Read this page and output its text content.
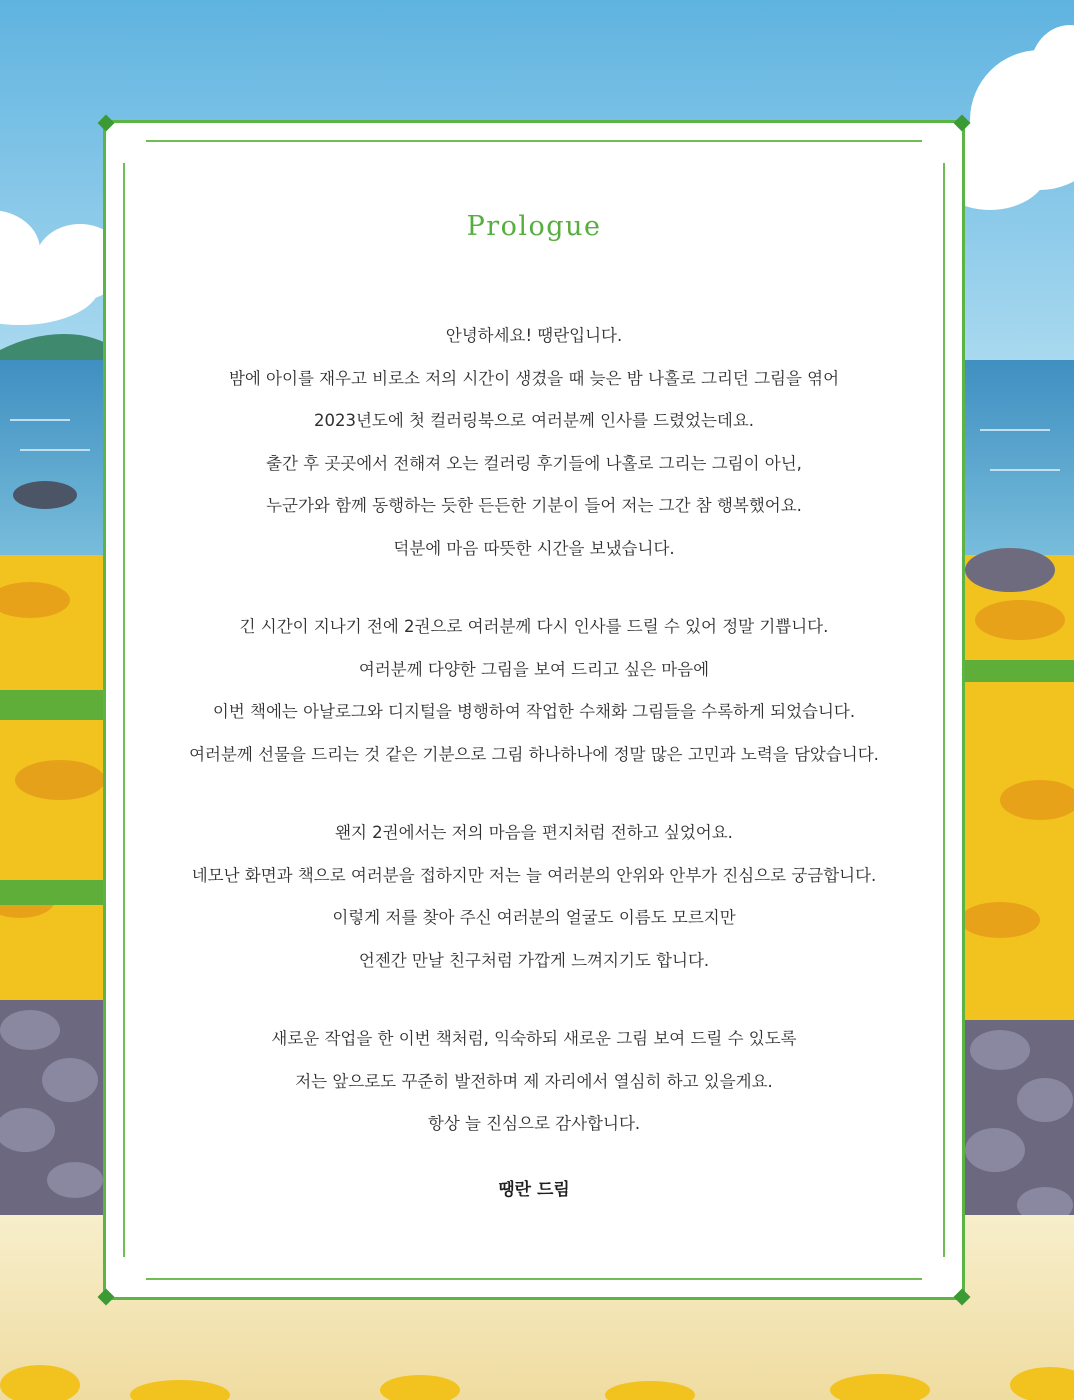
Prologue
안녕하세요! 땡란입니다.
밤에 아이를 재우고 비로소 저의 시간이 생겼을 때 늦은 밤 나홀로 그리던 그림을 엮어
2023년도에 첫 컬러링북으로 여러분께 인사를 드렸었는데요.
출간 후 곳곳에서 전해져 오는 컬러링 후기들에 나홀로 그리는 그림이 아닌,
누군가와 함께 동행하는 듯한 든든한 기분이 들어 저는 그간 참 행복했어요.
덕분에 마음 따뜻한 시간을 보냈습니다.
긴 시간이 지나기 전에 2권으로 여러분께 다시 인사를 드릴 수 있어 정말 기쁩니다.
여러분께 다양한 그림을 보여 드리고 싶은 마음에
이번 책에는 아날로그와 디지털을 병행하여 작업한 수채화 그림들을 수록하게 되었습니다.
여러분께 선물을 드리는 것 같은 기분으로 그림 하나하나에 정말 많은 고민과 노력을 담았습니다.
왠지 2권에서는 저의 마음을 편지처럼 전하고 싶었어요.
네모난 화면과 책으로 여러분을 접하지만 저는 늘 여러분의 안위와 안부가 진심으로 궁금합니다.
이렇게 저를 찾아 주신 여러분의 얼굴도 이름도 모르지만
언젠간 만날 친구처럼 가깝게 느껴지기도 합니다.
새로운 작업을 한 이번 책처럼, 익숙하되 새로운 그림 보여 드릴 수 있도록
저는 앞으로도 꾸준히 발전하며 제 자리에서 열심히 하고 있을게요.
항상 늘 진심으로 감사합니다.
땡란 드림
